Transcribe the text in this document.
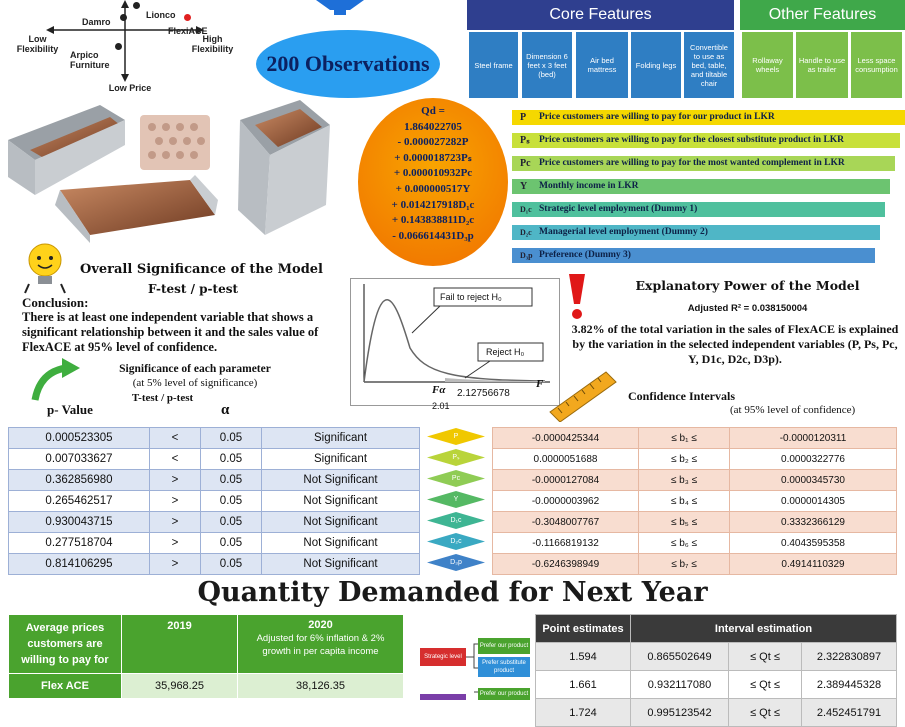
Low
Flexibility
High
Flexibility
Low Price
Damro
Lionco
FlexiACE
Arpico
Furniture	200 Observations
Core Features
Steel frame
Dimension 6 feet x 3 feet (bed)
Air bed mattress	Folding legs
Convertible to use as bed, table, and tiltable chair
Other Features
Rollaway wheels
Handle to use as trailer
Less space consumption
Qd =
1.864022705
- 0.000027282P
+ 0.000018723Pₛ
+ 0.000010932Pc
+ 0.000000517Y
+ 0.014217918D₁c
+ 0.143838811D₂c
- 0.066614431D₃p
P Price customers are willing to pay for our product in LKR
Pₛ Price customers are willing to pay for the closest substitute product in LKR
Pc Price customers are willing to pay for the most wanted complement in LKR
Y Monthly income in LKR
D₁c Strategic level employment (Dummy 1)
D₂c Managerial level employment (Dummy 2)
D₃p Preference (Dummy 3)
Overall Significance of the Model
F-test / p-test
Conclusion:
There is at least one independent variable that shows a significant relationship between it and the sales value of FlexACE at 95% level of confidence.
Fail to reject H₀
Reject H₀
Fα
2.01
2.12756678
F
Explanatory Power of the Model
Adjusted R² = 0.038150004
3.82% of the total variation in the sales of FlexACE is explained by the variation in the selected independent variables (P, Ps, Pc, Y, D1c, D2c, D3p).
Significance of each parameter
(at 5% level of significance)
T-test / p-test
p- Value	α
0.000523305	<	0.05	Significant
0.007033627	<	0.05	Significant
0.362856980	>	0.05	Not Significant
0.265462517	>	0.05	Not Significant
0.930043715	>	0.05	Not Significant
0.277518704	>	0.05	Not Significant
0.814106295	>	0.05	Not Significant
P
Pₛ
Pc
Y
D₁c
D₂c
D₃p
Confidence Intervals
(at 95% level of confidence)
-0.0000425344	≤ b₁ ≤	-0.0000120311
0.0000051688	≤ b₂ ≤	0.0000322776
-0.0000127084	≤ b₃ ≤	0.0000345730
-0.0000003962	≤ b₄ ≤	0.0000014305
-0.3048007767	≤ b₅ ≤	0.3332366129
-0.1166819132	≤ b₆ ≤	0.4043595358
-0.6246398949	≤ b₇ ≤	0.4914110329
Quantity Demanded for Next Year
Average prices customers are willing to pay for	2019	2020
Adjusted for 6% inflation & 2% growth in per capita income

Flex ACE	35,968.25	38,126.35
Strategic level
Prefer our product
Prefer substitute product
Prefer our product
Point estimates	Interval estimation		
1.594	0.865502649	≤ Qt ≤	2.322830897
1.661	0.932117080	≤ Qt ≤	2.389445328
1.724	0.995123542	≤ Qt ≤	2.452451791
